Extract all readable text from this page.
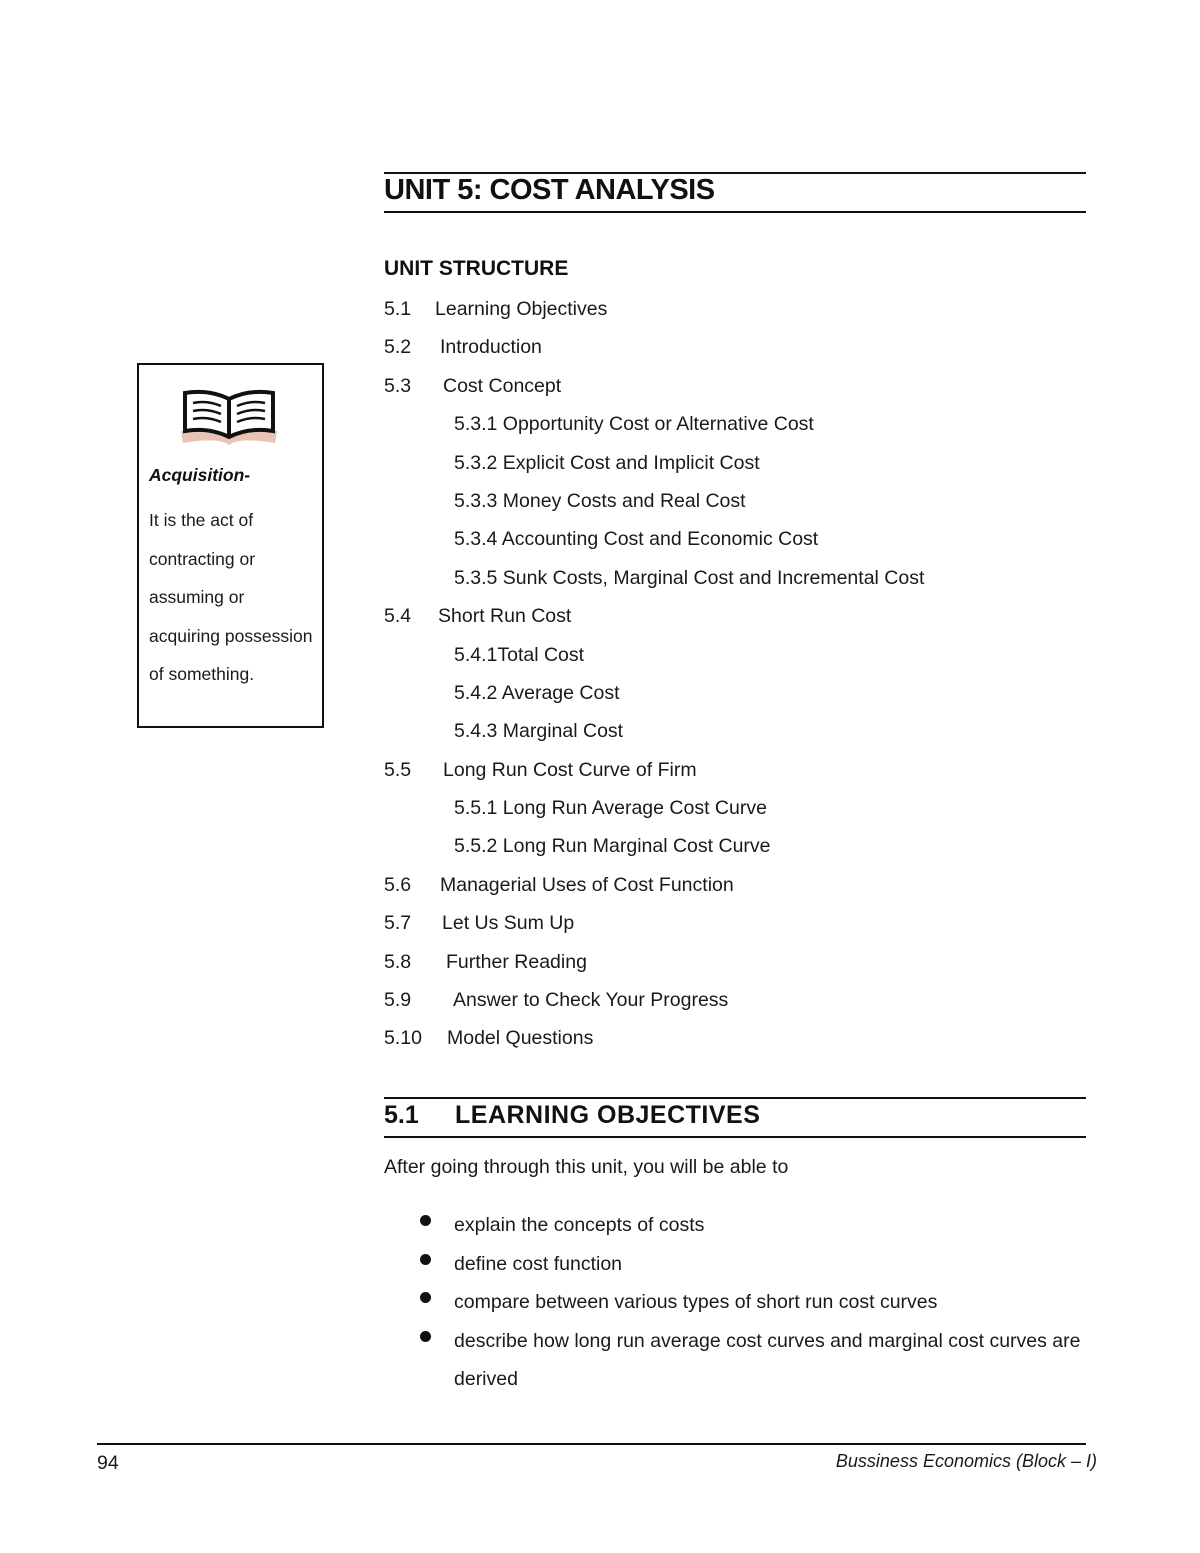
UNIT 5: COST ANALYSIS
UNIT STRUCTURE
5.1 Learning Objectives
5.2 Introduction
5.3 Cost Concept
5.3.1 Opportunity Cost or Alternative Cost
5.3.2 Explicit Cost and Implicit Cost
5.3.3 Money Costs and Real Cost
5.3.4 Accounting Cost and Economic Cost
5.3.5 Sunk Costs, Marginal Cost and Incremental Cost
5.4 Short Run Cost
5.4.1Total Cost
5.4.2 Average Cost
5.4.3 Marginal Cost
5.5 Long Run Cost Curve of Firm
5.5.1 Long Run Average Cost Curve
5.5.2 Long Run Marginal Cost Curve
5.6 Managerial Uses of Cost Function
5.7 Let Us Sum Up
5.8 Further Reading
5.9 Answer to Check Your Progress
5.10 Model Questions
Acquisition-
It is the act of contracting or assuming or acquiring possession of something.
5.1 LEARNING OBJECTIVES
After going through this unit, you will be able to
explain the concepts of costs
define cost function
compare between various types of short run cost curves
describe how long run average cost curves and marginal cost curves are derived
94	Bussiness Economics (Block – I)
